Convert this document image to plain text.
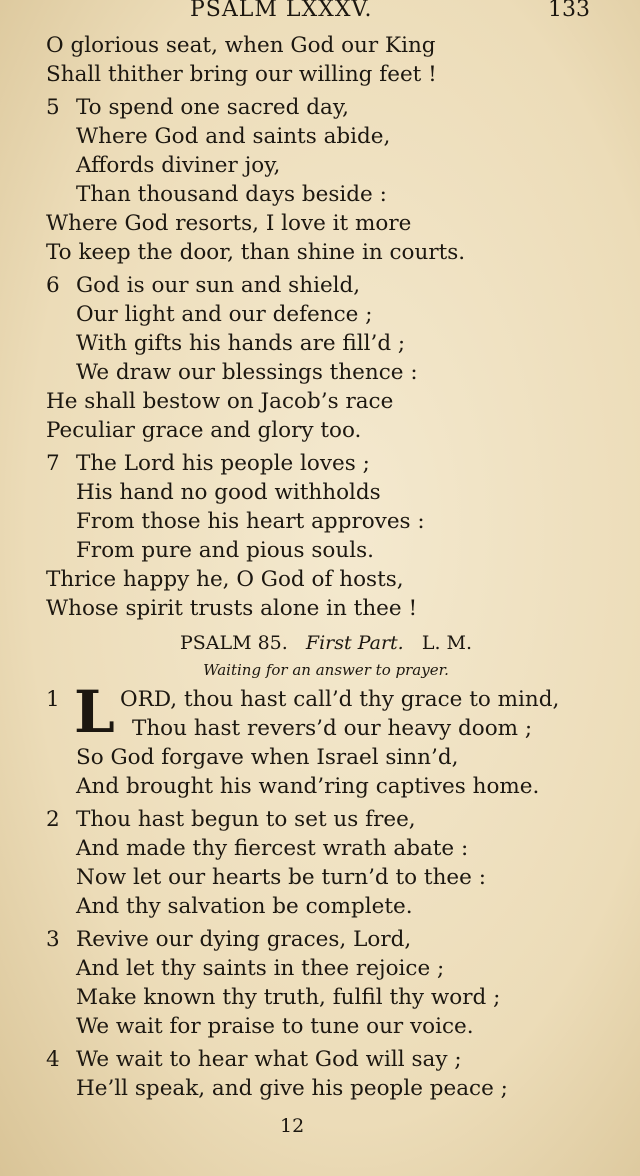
PSALM LXXXV.	133
O glorious seat, when God our King
Shall thither bring our willing feet !
5 To spend one sacred day,
Where God and saints abide,
Affords diviner joy,
Than thousand days beside :
Where God resorts, I love it more
To keep the door, than shine in courts.
6 God is our sun and shield,
Our light and our defence ;
With gifts his hands are fill’d ;
We draw our blessings thence :
He shall bestow on Jacob’s race
Peculiar grace and glory too.
7 The Lord his people loves ;
His hand no good withholds
From those his heart approves :
From pure and pious souls.
Thrice happy he, O God of hosts,
Whose spirit trusts alone in thee !
PSALM 85. First Part. L. M.
Waiting for an answer to prayer.
1 L ORD, thou hast call’d thy grace to mind,
Thou hast revers’d our heavy doom ;
So God forgave when Israel sinn’d,
And brought his wand’ring captives home.
2 Thou hast begun to set us free,
And made thy fiercest wrath abate :
Now let our hearts be turn’d to thee :
And thy salvation be complete.
3 Revive our dying graces, Lord,
And let thy saints in thee rejoice ;
Make known thy truth, fulfil thy word ;
We wait for praise to tune our voice.
4 We wait to hear what God will say ;
He’ll speak, and give his people peace ;
12
